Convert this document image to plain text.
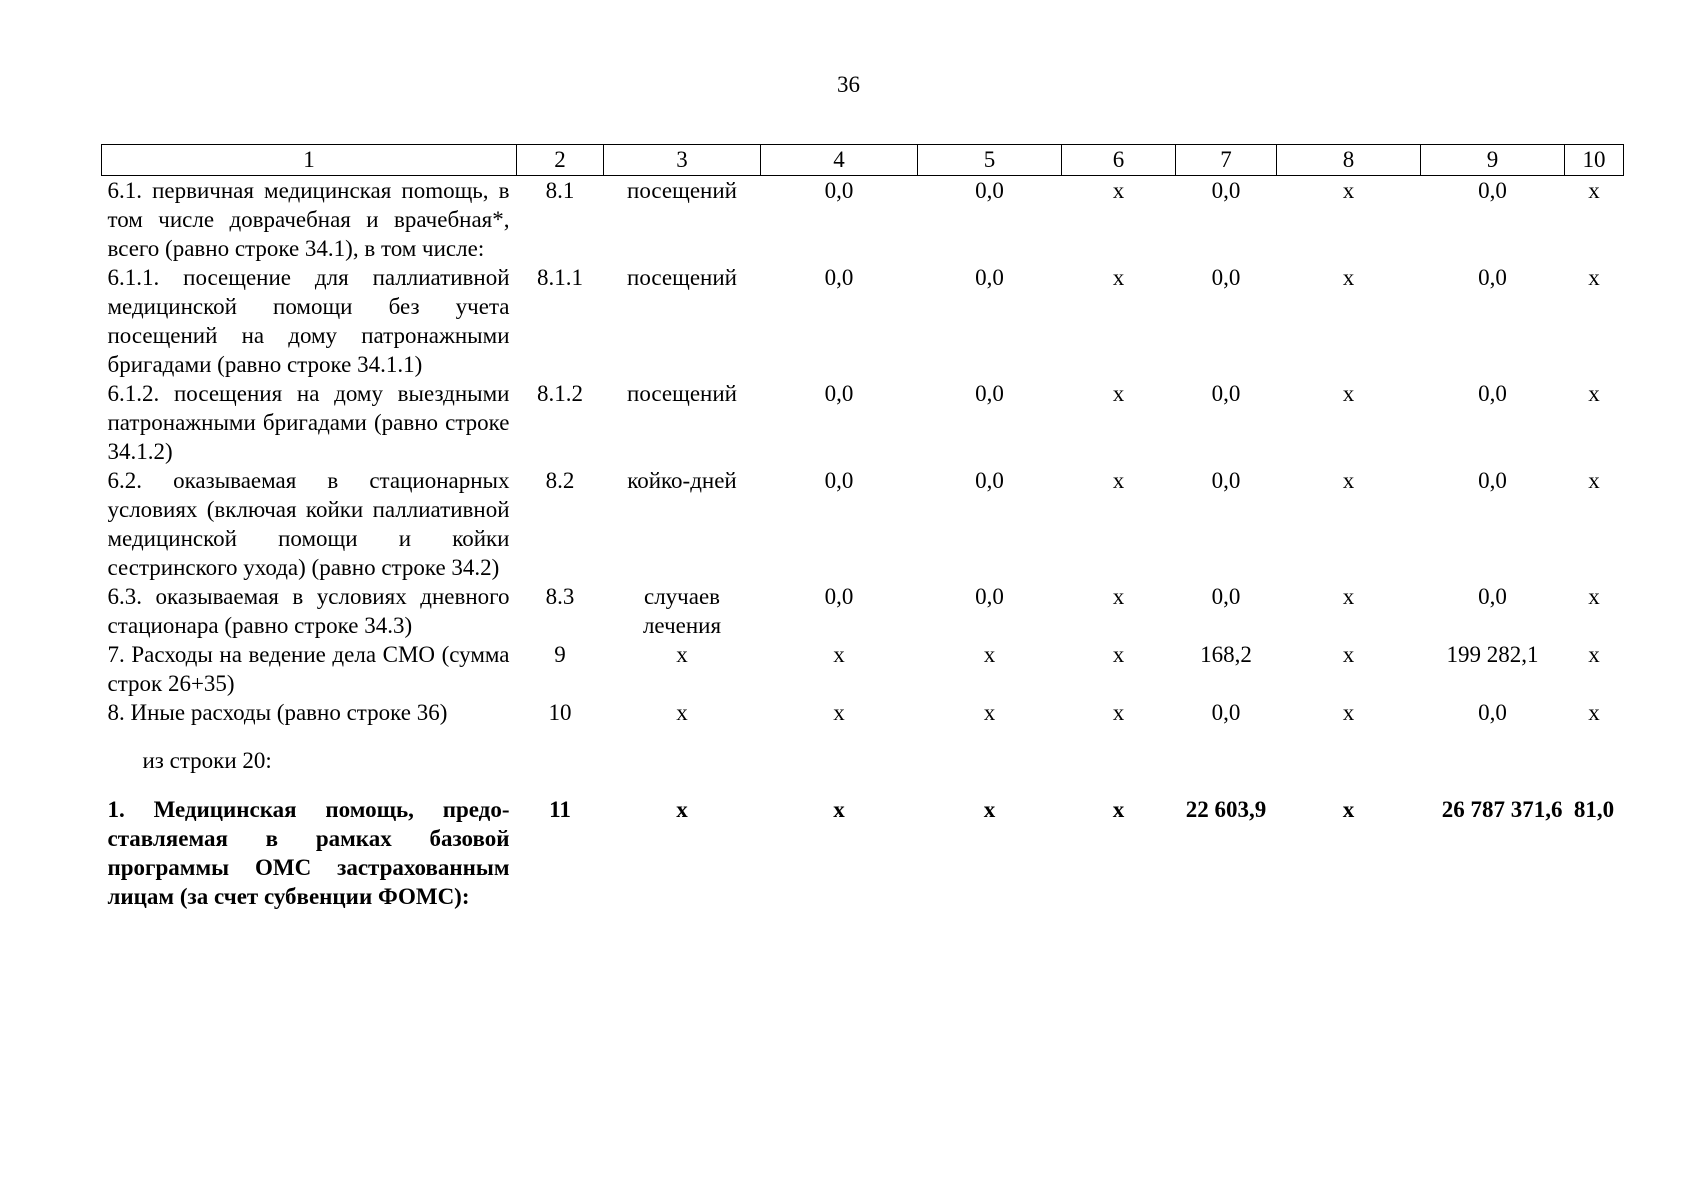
36
1	2	3	4	5	6	7	8	9	10
6.1. первичная медицинская поmощь, в том числе доврачебная и врачебная*, всего (равно строке 34.1), в том числе:	8.1	посещений	0,0	0,0	х	0,0	х	0,0	х
6.1.1. посещение для паллиативной медицинской помощи без учета посещений на дому патронажными бригадами (равно строке 34.1.1)	8.1.1	посещений	0,0	0,0	х	0,0	х	0,0	х
6.1.2. посещения на дому выездными патронажными бригадами (равно строке 34.1.2)	8.1.2	посещений	0,0	0,0	х	0,0	х	0,0	х
6.2. оказываемая в стационарных условиях (включая койки паллиативной медицинской помощи и койки сестринского ухода) (равно строке 34.2)	8.2	койко-дней	0,0	0,0	х	0,0	х	0,0	х
6.3. оказываемая в условиях дневного стационара (равно строке 34.3)	8.3	случаев лечения	0,0	0,0	х	0,0	х	0,0	х
7. Расходы на ведение дела СМО (сумма строк 26+35)	9	х	х	х	х	168,2	х	199 282,1	х
8. Иные расходы (равно строке 36)	10	х	х	х	х	0,0	х	0,0	х
из строки 20:									
1. Медицинская помощь, предоставляемая в рамках базовой программы ОМС застрахованным лицам (за счет субвенции ФОМС):	11	х	х	х	х	22 603,9	х	26 787 371,6	81,0
